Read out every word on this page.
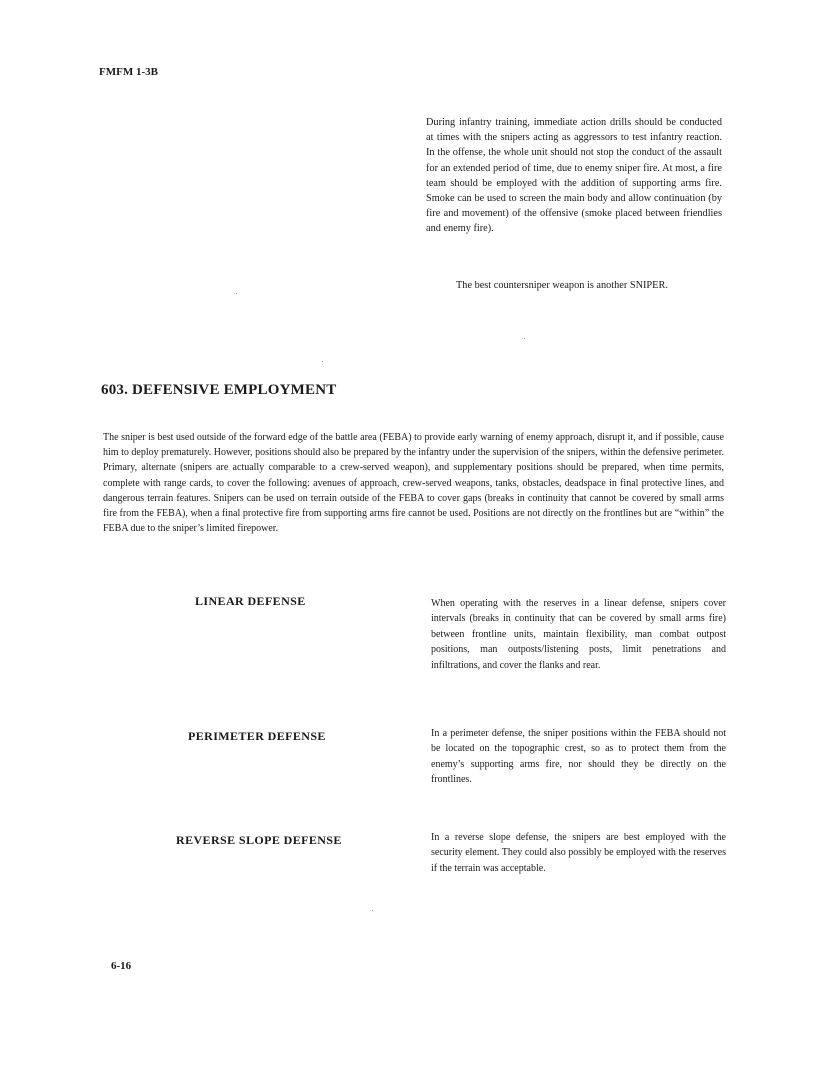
FMFM 1-3B
During infantry training, immediate action drills should be conducted at times with the snipers acting as aggressors to test infantry reaction. In the offense, the whole unit should not stop the conduct of the assault for an extended period of time, due to enemy sniper fire. At most, a fire team should be employed with the addition of supporting arms fire. Smoke can be used to screen the main body and allow continuation (by fire and movement) of the offensive (smoke placed between friendlies and enemy fire).
The best countersniper weapon is another SNIPER.
603. DEFENSIVE EMPLOYMENT
The sniper is best used outside of the forward edge of the battle area (FEBA) to provide early warning of enemy approach, disrupt it, and if possible, cause him to deploy prematurely. However, positions should also be prepared by the infantry under the supervision of the snipers, within the defensive perimeter. Primary, alternate (snipers are actually comparable to a crew-served weapon), and supplementary positions should be prepared, when time permits, complete with range cards, to cover the following: avenues of approach, crew-served weapons, tanks, obstacles, deadspace in final protective lines, and dangerous terrain features. Snipers can be used on terrain outside of the FEBA to cover gaps (breaks in continuity that cannot be covered by small arms fire from the FEBA), when a final protective fire from supporting arms fire cannot be used. Positions are not directly on the frontlines but are “within” the FEBA due to the sniper’s limited firepower.
LINEAR DEFENSE	When operating with the reserves in a linear defense, snipers cover intervals (breaks in continuity that can be covered by small arms fire) between frontline units, maintain flexibility, man combat outpost positions, man outposts/listening posts, limit penetrations and infiltrations, and cover the flanks and rear.
PERIMETER DEFENSE	In a perimeter defense, the sniper positions within the FEBA should not be located on the topographic crest, so as to protect them from the enemy’s supporting arms fire, nor should they be directly on the frontlines.
REVERSE SLOPE DEFENSE	In a reverse slope defense, the snipers are best employed with the security element. They could also possibly be employed with the reserves if the terrain was acceptable.
6-16
